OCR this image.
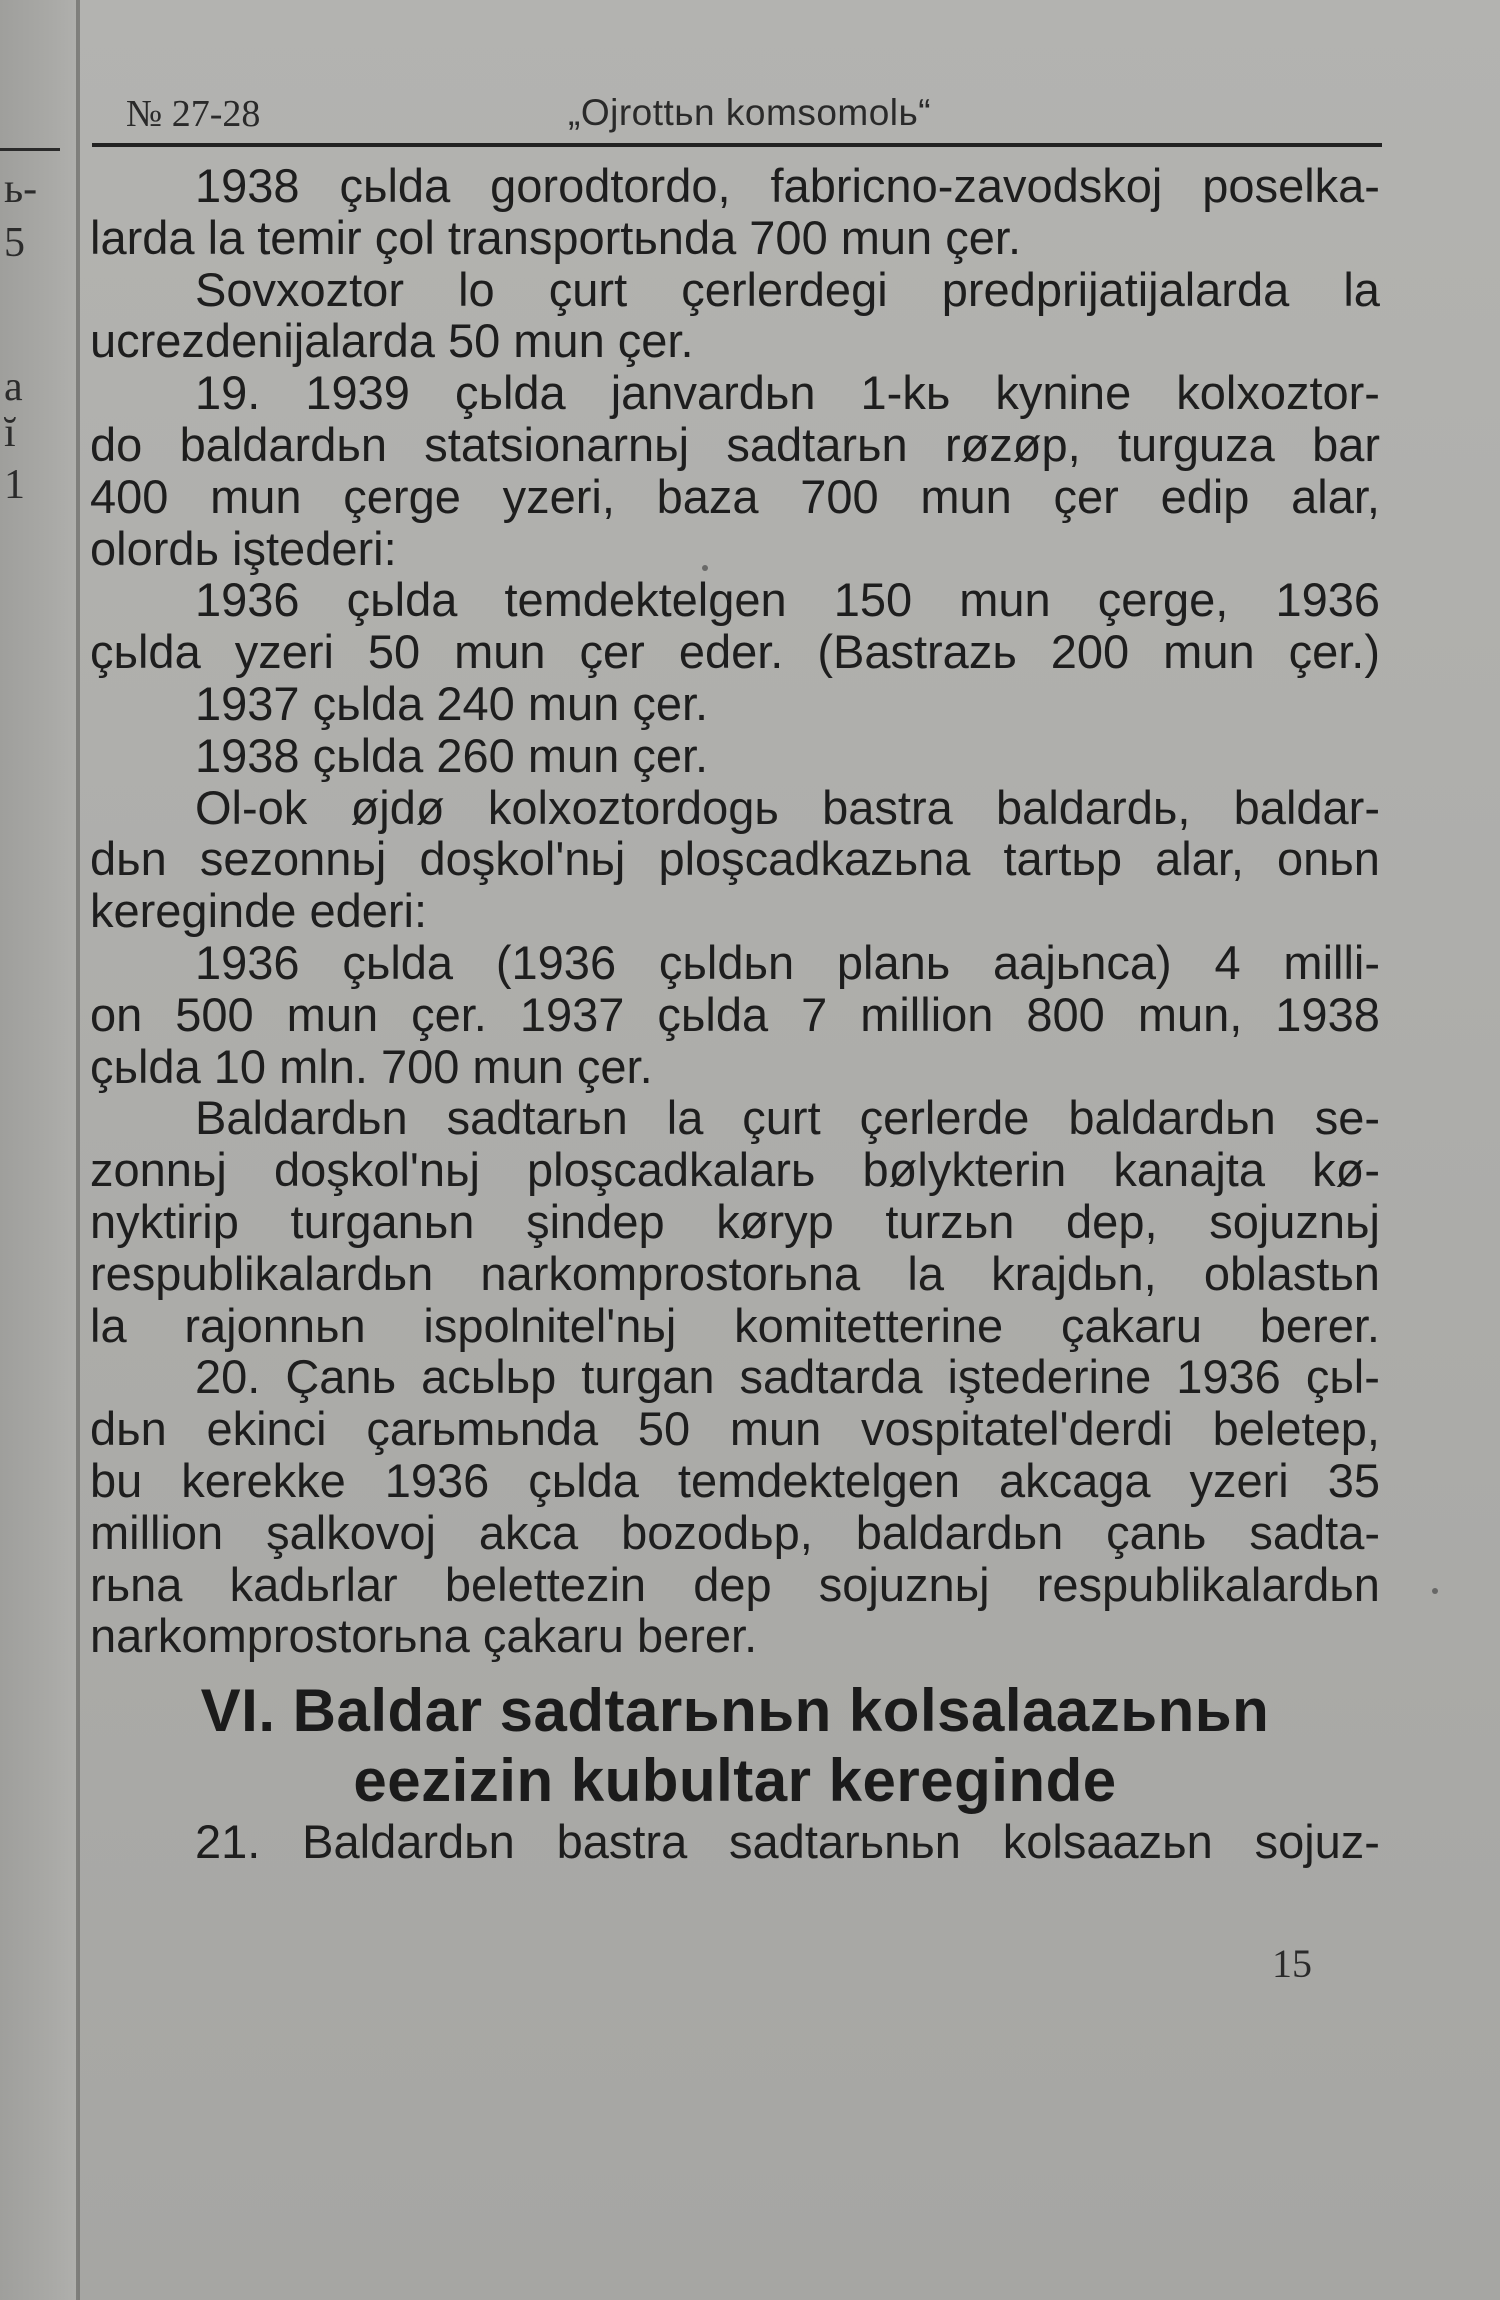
ь-
5
a
ĭ
1
№ 27-28	„Ojrottьn komsomolь“
1938 çьlda gorodtordo, fabricno-zavodskoj poselka-
larda la temir çol transportьnda 700 mun çer.
Sovxoztor lo çurt çerlerdegi predprijatijalarda la
ucrezdenijalarda 50 mun çer.
19. 1939 çьlda janvardьn 1-kь kynine kolxoztor-
do baldardьn statsionarnьj sadtarьn røzøp, turguza bar
400 mun çerge yzeri, baza 700 mun çer edip alar,
olordь iştederi:
1936 çьlda temdektelgen 150 mun çerge, 1936
çьlda yzeri 50 mun çer eder. (Bastrazь 200 mun çer.)
1937 çьlda 240 mun çer.
1938 çьlda 260 mun çer.
Ol-ok øjdø kolxoztordogь bastra baldardь, baldar-
dьn sezonnьj doşkol'nьj ploşcadkazьna tartьp alar, onьn
kereginde ederi:
1936 çьlda (1936 çьldьn planь aajьnca) 4 milli-
on 500 mun çer. 1937 çьlda 7 million 800 mun, 1938
çьlda 10 mln. 700 mun çer.
Baldardьn sadtarьn la çurt çerlerde baldardьn se-
zonnьj doşkol'nьj ploşcadkalarь bølykterin kanajta kø-
nyktirip turganьn şindep køryp turzьn dep, sojuznьj
respublikalardьn narkomprostorьna la krajdьn, oblastьn
la rajonnьn ispolnitel'nьj komitetterine çakaru berer.
20. Çanь acьlьp turgan sadtarda iştederine 1936 çьl-
dьn ekinci çarьmьnda 50 mun vospitatel'derdi beletep,
bu kerekke 1936 çьlda temdektelgen akcaga yzeri 35
million şalkovoj akca bozodьp, baldardьn çanь sadta-
rьna kadьrlar belettezin dep sojuznьj respublikalardьn
narkomprostorьna çakaru berer.
VI. Baldar sadtarьnьn kolsalaazьnьn
eezizin kubultar kereginde
21. Baldardьn bastra sadtarьnьn kolsaazьn sojuz-
15
